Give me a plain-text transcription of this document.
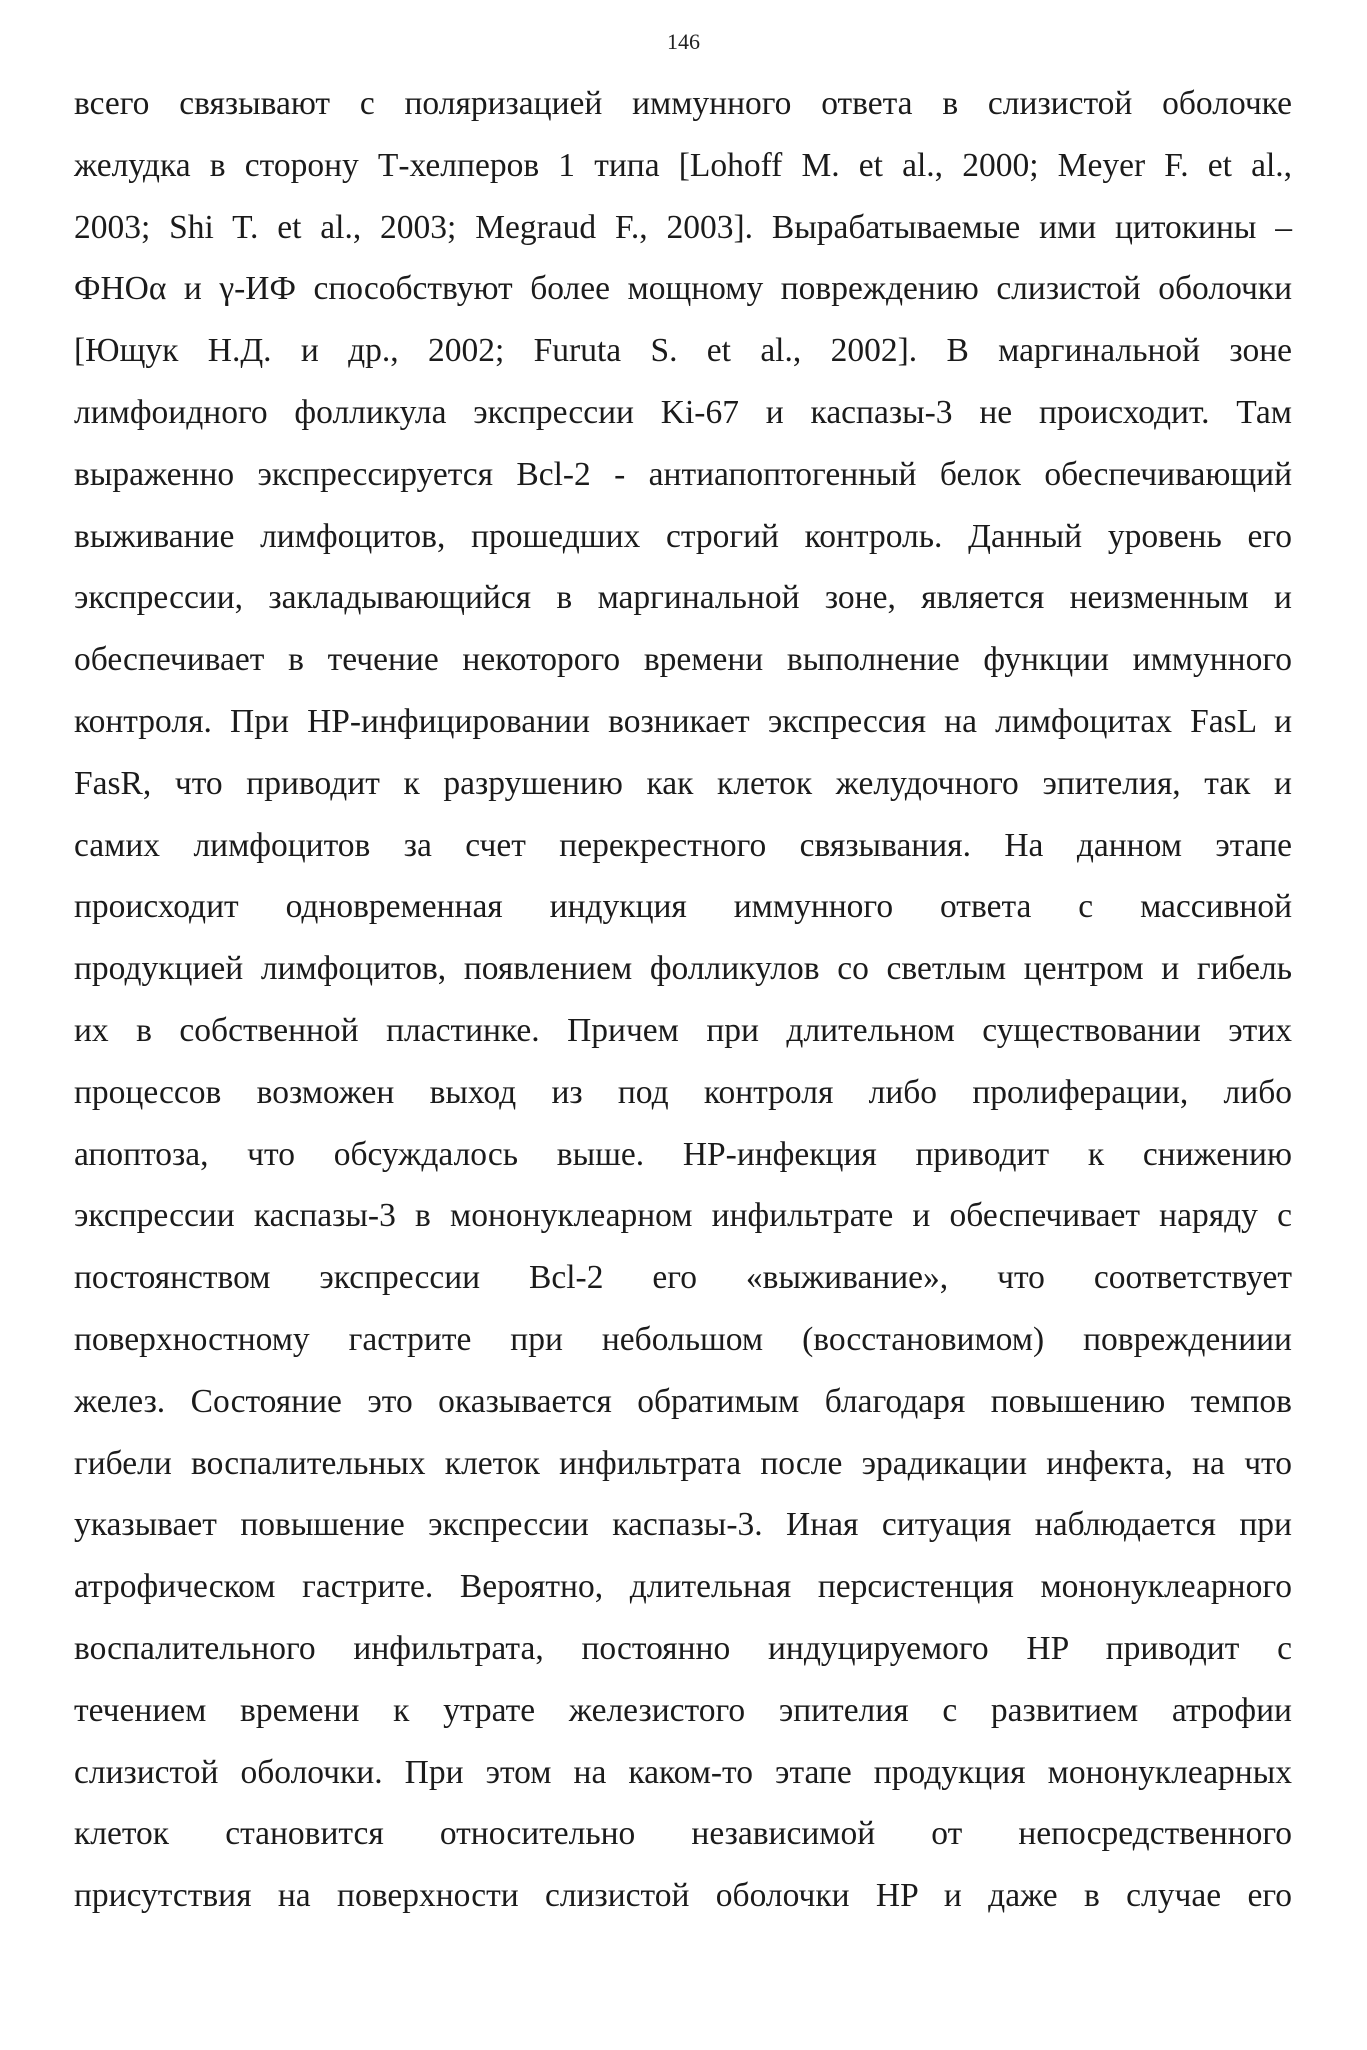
146
всего связывают с поляризацией иммунного ответа в слизистой оболочке
желудка в сторону Т-хелперов 1 типа [Lohoff M. et al., 2000; Meyer F. et al.,
2003; Shi T. et al., 2003; Megraud F., 2003]. Вырабатываемые ими цитокины –
ФНОα и γ-ИФ способствуют более мощному повреждению слизистой оболочки
[Ющук Н.Д. и др., 2002; Furuta S. et al., 2002]. В маргинальной зоне
лимфоидного фолликула экспрессии Ki-67 и каспазы-3 не происходит. Там
выраженно экспрессируется Bcl-2 - антиапоптогенный белок обеспечивающий
выживание лимфоцитов, прошедших строгий контроль. Данный уровень его
экспрессии, закладывающийся в маргинальной зоне, является неизменным и
обеспечивает в течение некоторого времени выполнение функции иммунного
контроля. При HP-инфицировании возникает экспрессия на лимфоцитах FasL и
FasR, что приводит к разрушению как клеток желудочного эпителия, так и
самих лимфоцитов за счет перекрестного связывания. На данном этапе
происходит одновременная индукция иммунного ответа с массивной
продукцией лимфоцитов, появлением фолликулов со светлым центром и гибель
их в собственной пластинке. Причем при длительном существовании этих
процессов возможен выход из под контроля либо пролиферации, либо
апоптоза, что обсуждалось выше. HP-инфекция приводит к снижению
экспрессии каспазы-3 в мононуклеарном инфильтрате и обеспечивает наряду с
постоянством экспрессии Bcl-2 его «выживание», что соответствует
поверхностному гастрите при небольшом (восстановимом) повреждениии
желез. Состояние это оказывается обратимым благодаря повышению темпов
гибели воспалительных клеток инфильтрата после эрадикации инфекта, на что
указывает повышение экспрессии каспазы-3. Иная ситуация наблюдается при
атрофическом гастрите. Вероятно, длительная персистенция мононуклеарного
воспалительного инфильтрата, постоянно индуцируемого HP приводит с
течением времени к утрате железистого эпителия с развитием атрофии
слизистой оболочки. При этом на каком-то этапе продукция мононуклеарных
клеток становится относительно независимой от непосредственного
присутствия на поверхности слизистой оболочки HP и даже в случае его
